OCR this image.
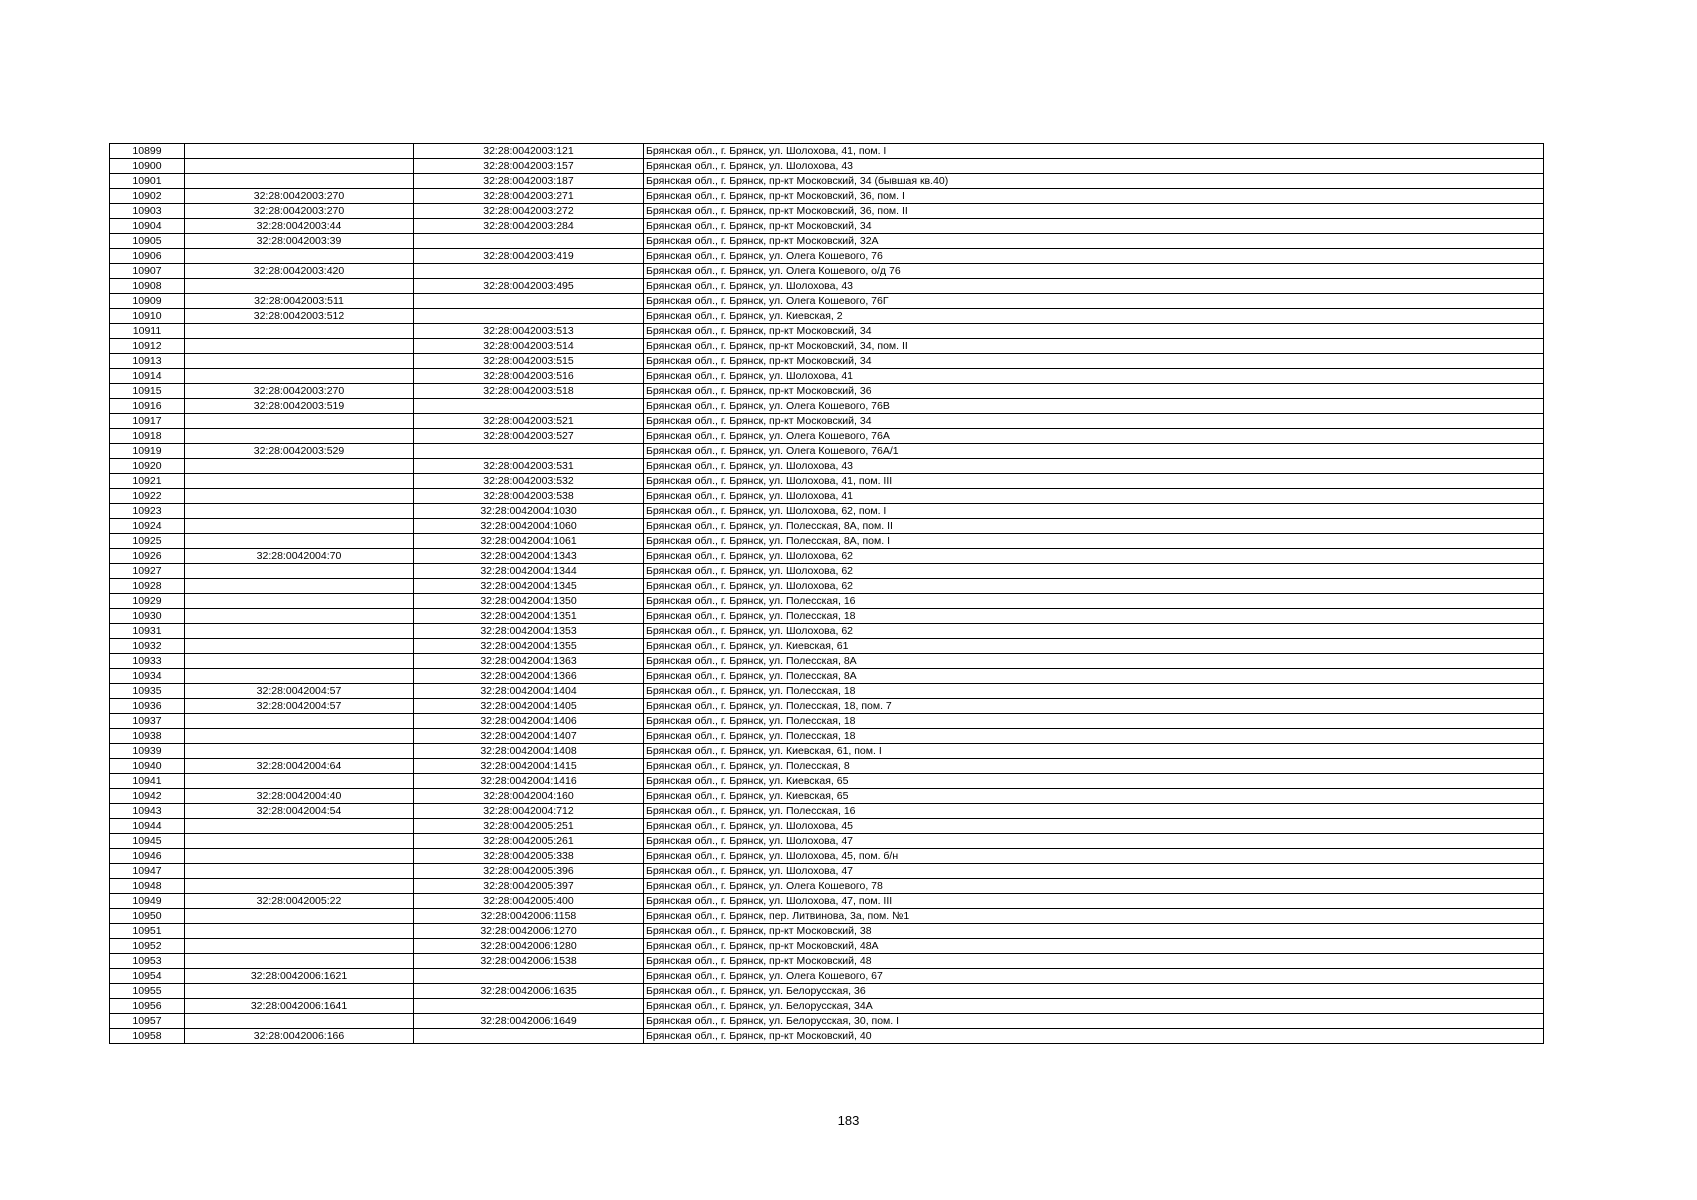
10899		32:28:0042003:121	Брянская обл., г. Брянск, ул. Шолохова, 41, пом. I
10900		32:28:0042003:157	Брянская обл., г. Брянск, ул. Шолохова, 43
10901		32:28:0042003:187	Брянская обл., г. Брянск, пр-кт Московский, 34 (бывшая кв.40)
10902	32:28:0042003:270	32:28:0042003:271	Брянская обл., г. Брянск, пр-кт Московский, 36, пом. I
10903	32:28:0042003:270	32:28:0042003:272	Брянская обл., г. Брянск, пр-кт Московский, 36, пом. II
10904	32:28:0042003:44	32:28:0042003:284	Брянская обл., г. Брянск, пр-кт Московский, 34
10905	32:28:0042003:39		Брянская обл., г. Брянск, пр-кт Московский, 32А
10906		32:28:0042003:419	Брянская обл., г. Брянск, ул. Олега Кошевого, 76
10907	32:28:0042003:420		Брянская обл., г. Брянск, ул. Олега Кошевого, о/д 76
10908		32:28:0042003:495	Брянская обл., г. Брянск, ул. Шолохова, 43
10909	32:28:0042003:511		Брянская обл., г. Брянск, ул. Олега Кошевого, 76Г
10910	32:28:0042003:512		Брянская обл., г. Брянск, ул. Киевская, 2
10911		32:28:0042003:513	Брянская обл., г. Брянск, пр-кт Московский, 34
10912		32:28:0042003:514	Брянская обл., г. Брянск, пр-кт Московский, 34, пом. II
10913		32:28:0042003:515	Брянская обл., г. Брянск, пр-кт Московский, 34
10914		32:28:0042003:516	Брянская обл., г. Брянск, ул. Шолохова, 41
10915	32:28:0042003:270	32:28:0042003:518	Брянская обл., г. Брянск, пр-кт Московский, 36
10916	32:28:0042003:519		Брянская обл., г. Брянск, ул. Олега Кошевого, 76В
10917		32:28:0042003:521	Брянская обл., г. Брянск, пр-кт Московский, 34
10918		32:28:0042003:527	Брянская обл., г. Брянск, ул. Олега Кошевого, 76А
10919	32:28:0042003:529		Брянская обл., г. Брянск, ул. Олега Кошевого, 76А/1
10920		32:28:0042003:531	Брянская обл., г. Брянск, ул. Шолохова, 43
10921		32:28:0042003:532	Брянская обл., г. Брянск, ул. Шолохова, 41, пом. III
10922		32:28:0042003:538	Брянская обл., г. Брянск, ул. Шолохова, 41
10923		32:28:0042004:1030	Брянская обл., г. Брянск, ул. Шолохова, 62, пом. I
10924		32:28:0042004:1060	Брянская обл., г. Брянск, ул. Полесская, 8А, пом. II
10925		32:28:0042004:1061	Брянская обл., г. Брянск, ул. Полесская, 8А, пом. I
10926	32:28:0042004:70	32:28:0042004:1343	Брянская обл., г. Брянск, ул. Шолохова, 62
10927		32:28:0042004:1344	Брянская обл., г. Брянск, ул. Шолохова, 62
10928		32:28:0042004:1345	Брянская обл., г. Брянск, ул. Шолохова, 62
10929		32:28:0042004:1350	Брянская обл., г. Брянск, ул. Полесская, 16
10930		32:28:0042004:1351	Брянская обл., г. Брянск, ул. Полесская, 18
10931		32:28:0042004:1353	Брянская обл., г. Брянск, ул. Шолохова, 62
10932		32:28:0042004:1355	Брянская обл., г. Брянск, ул. Киевская, 61
10933		32:28:0042004:1363	Брянская обл., г. Брянск, ул. Полесская, 8А
10934		32:28:0042004:1366	Брянская обл., г. Брянск, ул. Полесская, 8А
10935	32:28:0042004:57	32:28:0042004:1404	Брянская обл., г. Брянск, ул. Полесская, 18
10936	32:28:0042004:57	32:28:0042004:1405	Брянская обл., г. Брянск, ул. Полесская, 18, пом. 7
10937		32:28:0042004:1406	Брянская обл., г. Брянск, ул. Полесская, 18
10938		32:28:0042004:1407	Брянская обл., г. Брянск, ул. Полесская, 18
10939		32:28:0042004:1408	Брянская обл., г. Брянск, ул. Киевская, 61, пом. I
10940	32:28:0042004:64	32:28:0042004:1415	Брянская обл., г. Брянск, ул. Полесская, 8
10941		32:28:0042004:1416	Брянская обл., г. Брянск, ул. Киевская, 65
10942	32:28:0042004:40	32:28:0042004:160	Брянская обл., г. Брянск, ул. Киевская, 65
10943	32:28:0042004:54	32:28:0042004:712	Брянская обл., г. Брянск, ул. Полесская, 16
10944		32:28:0042005:251	Брянская обл., г. Брянск, ул. Шолохова, 45
10945		32:28:0042005:261	Брянская обл., г. Брянск, ул. Шолохова, 47
10946		32:28:0042005:338	Брянская обл., г. Брянск, ул. Шолохова, 45, пом. б/н
10947		32:28:0042005:396	Брянская обл., г. Брянск, ул. Шолохова, 47
10948		32:28:0042005:397	Брянская обл., г. Брянск, ул. Олега Кошевого, 78
10949	32:28:0042005:22	32:28:0042005:400	Брянская обл., г. Брянск, ул. Шолохова, 47, пом. III
10950		32:28:0042006:1158	Брянская обл., г. Брянск, пер. Литвинова, 3а, пом. №1
10951		32:28:0042006:1270	Брянская обл., г. Брянск, пр-кт Московский, 38
10952		32:28:0042006:1280	Брянская обл., г. Брянск, пр-кт Московский, 48А
10953		32:28:0042006:1538	Брянская обл., г. Брянск, пр-кт Московский, 48
10954	32:28:0042006:1621		Брянская обл., г. Брянск, ул. Олега Кошевого, 67
10955		32:28:0042006:1635	Брянская обл., г. Брянск, ул. Белорусская, 36
10956	32:28:0042006:1641		Брянская обл., г. Брянск, ул. Белорусская, 34А
10957		32:28:0042006:1649	Брянская обл., г. Брянск, ул. Белорусская, 30, пом. I
10958	32:28:0042006:166		Брянская обл., г. Брянск, пр-кт Московский, 40
183
